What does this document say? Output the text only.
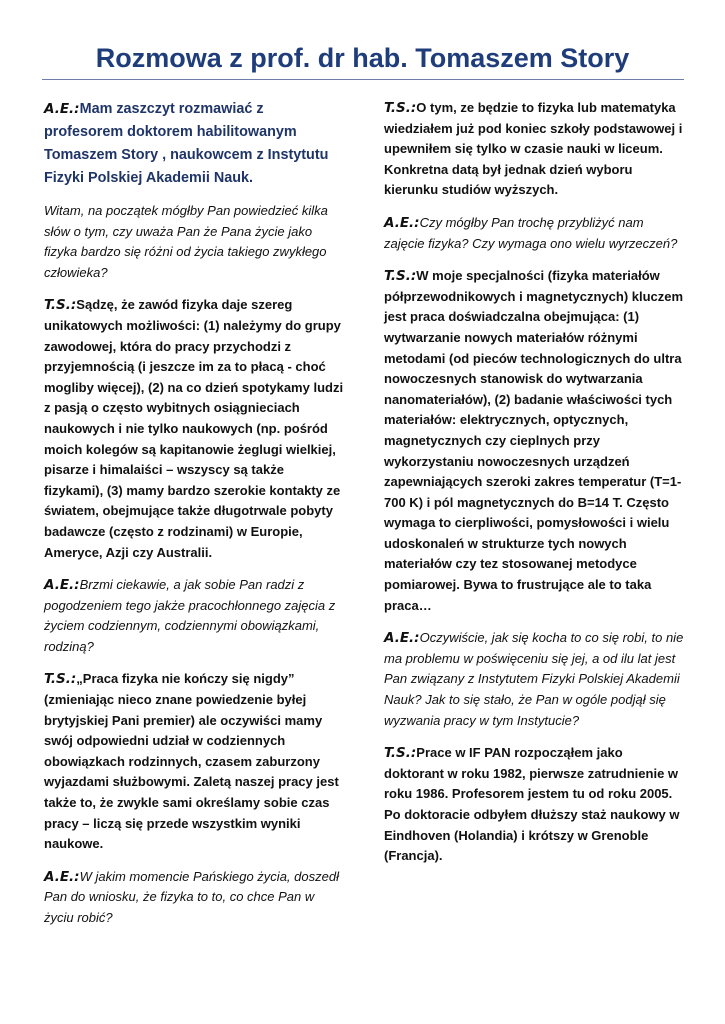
Rozmowa z prof. dr hab. Tomaszem Story

A.E.:Mam zaszczyt rozmawiać z profesorem doktorem habilitowanym Tomaszem Story , naukowcem z Instytutu Fizyki Polskiej Akademii Nauk.

Witam, na początek mógłby Pan powiedzieć kilka słów o tym, czy uważa Pan że Pana życie jako fizyka bardzo się różni od życia takiego zwykłego człowieka?

T.S.:Sądzę, że zawód fizyka daje szereg unikatowych możliwości: (1) należymy do grupy zawodowej, która do pracy przychodzi z przyjemnością (i jeszcze im za to płacą - choć mogliby więcej), (2) na co dzień spotykamy ludzi z pasją o często wybitnych osiągnieciach naukowych i nie tylko naukowych (np. pośród moich kolegów są kapitanowie żeglugi wielkiej, pisarze i himalaiści – wszyscy są także fizykami), (3) mamy bardzo szerokie kontakty ze światem, obejmujące także długotrwale pobyty badawcze (często z rodzinami) w Europie, Ameryce, Azji czy Australii.

A.E.:Brzmi ciekawie, a jak sobie Pan radzi z pogodzeniem tego jakże pracochłonnego zajęcia z życiem codziennym, codziennymi obowiązkami, rodziną?

T.S.:„Praca fizyka nie kończy się nigdy” (zmieniając nieco znane powiedzenie byłej brytyjskiej Pani premier) ale oczywiści mamy swój odpowiedni udział w codziennych obowiązkach rodzinnych, czasem zaburzony wyjazdami służbowymi. Zaletą naszej pracy jest także to, że zwykle sami określamy sobie czas pracy – liczą się przede wszystkim wyniki naukowe.

A.E.:W jakim momencie Pańskiego życia, doszedł Pan do wniosku, że fizyka to to, co chce Pan w życiu robić?

T.S.:O tym, ze będzie to fizyka lub matematyka wiedziałem już pod koniec szkoły podstawowej i upewniłem się tylko w czasie nauki w liceum. Konkretna datą był jednak dzień wyboru kierunku studiów wyższych.

A.E.:Czy mógłby Pan trochę przybliżyć nam zajęcie fizyka? Czy wymaga ono wielu wyrzeczeń?

T.S.:W moje specjalności (fizyka materiałów półprzewodnikowych i magnetycznych) kluczem jest praca doświadczalna obejmująca: (1) wytwarzanie nowych materiałów różnymi metodami (od pieców technologicznych do ultra nowoczesnych stanowisk do wytwarzania nanomateriałów), (2) badanie właściwości tych materiałów: elektrycznych, optycznych, magnetycznych czy cieplnych przy wykorzystaniu nowoczesnych urządzeń zapewniających szeroki zakres temperatur (T=1-700 K) i pól magnetycznych do B=14 T. Często wymaga to cierpliwości, pomysłowości i wielu udoskonaleń w strukturze tych nowych materiałów czy tez stosowanej metodyce pomiarowej. Bywa to frustrujące ale to taka praca…

A.E.:Oczywiście, jak się kocha to co się robi, to nie ma problemu w poświęceniu się jej, a od ilu lat jest Pan związany z Instytutem Fizyki Polskiej Akademii Nauk? Jak to się stało, że Pan w ogóle podjął się wyzwania pracy w tym Instytucie?

T.S.:Prace w IF PAN rozpocząłem jako doktorant w roku 1982, pierwsze zatrudnienie w roku 1986. Profesorem jestem tu od roku 2005. Po doktoracie odbyłem dłuższy staż naukowy w Eindhoven (Holandia) i krótszy w Grenoble (Francja).
